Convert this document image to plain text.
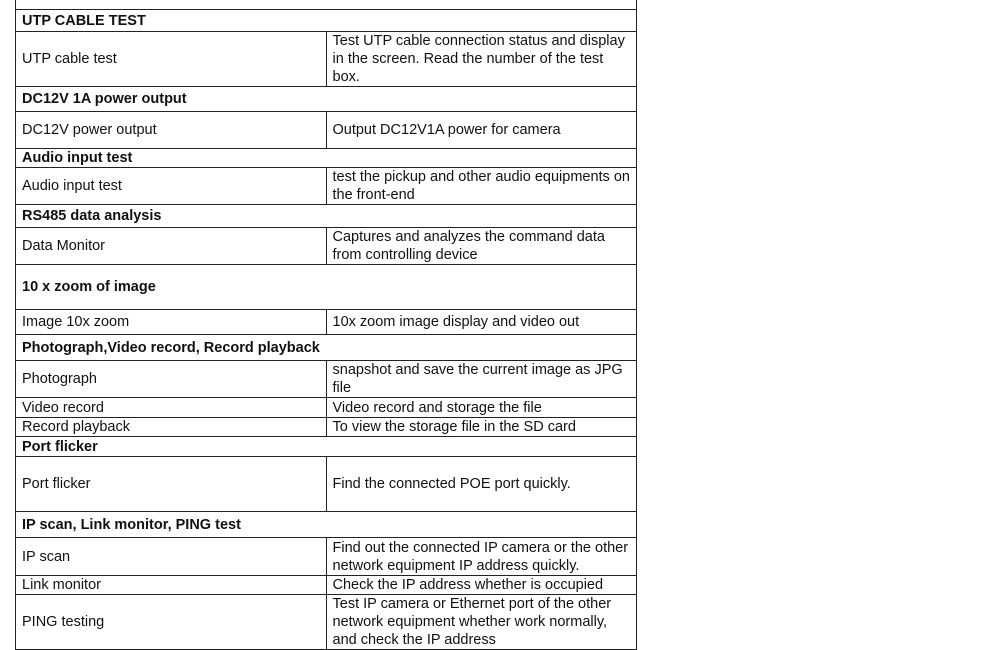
UTP CABLE TEST	
UTP cable test	Test UTP cable connection status and display in the screen. Read the number of the test box.
DC12V 1A power output	
DC12V power output	Output DC12V1A power for camera
Audio input test	
Audio input test	test the pickup and other audio equipments on the front-end
RS485 data analysis	
Data Monitor	Captures and analyzes the command data from controlling device
10 x zoom of image	
Image 10x zoom	10x zoom image display and video out
Photograph,Video record, Record playback	
Photograph	snapshot and save the current image as JPG file
Video record	Video record and storage the file
Record playback	To view the storage file in the SD card
Port flicker	
Port flicker	Find the connected POE port quickly.
IP scan, Link monitor, PING test	
IP scan	Find out the connected IP camera or the other network equipment IP address quickly.
Link monitor	Check the IP address whether is occupied
PING testing	Test IP camera or Ethernet port of the other network equipment whether work normally, and check the IP address
